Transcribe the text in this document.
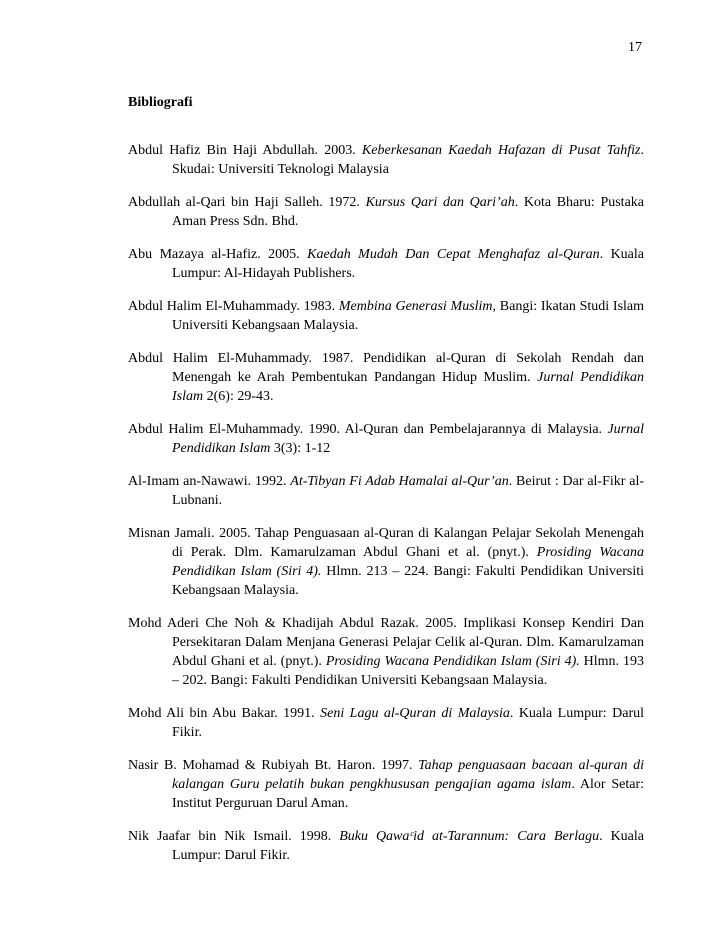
17
Bibliografi

Abdul Hafiz Bin Haji Abdullah. 2003. Keberkesanan Kaedah Hafazan di Pusat Tahfiz. Skudai: Universiti Teknologi Malaysia

Abdullah al-Qari bin Haji Salleh. 1972. Kursus Qari dan Qari’ah. Kota Bharu: Pustaka Aman Press Sdn. Bhd.

Abu Mazaya al-Hafiz. 2005. Kaedah Mudah Dan Cepat Menghafaz al-Quran. Kuala Lumpur: Al-Hidayah Publishers.

Abdul Halim El-Muhammady. 1983. Membina Generasi Muslim, Bangi: Ikatan Studi Islam Universiti Kebangsaan Malaysia.

Abdul Halim El-Muhammady. 1987. Pendidikan al-Quran di Sekolah Rendah dan Menengah ke Arah Pembentukan Pandangan Hidup Muslim. Jurnal Pendidikan Islam 2(6): 29-43.

Abdul Halim El-Muhammady. 1990. Al-Quran dan Pembelajarannya di Malaysia. Jurnal Pendidikan Islam 3(3): 1-12

Al-Imam an-Nawawi. 1992. At-Tibyan Fi Adab Hamalai al-Qur’an. Beirut : Dar al-Fikr al-Lubnani.

Misnan Jamali. 2005. Tahap Penguasaan al-Quran di Kalangan Pelajar Sekolah Menengah di Perak. Dlm. Kamarulzaman Abdul Ghani et al. (pnyt.). Prosiding Wacana Pendidikan Islam (Siri 4). Hlmn. 213 – 224. Bangi: Fakulti Pendidikan Universiti Kebangsaan Malaysia.

Mohd Aderi Che Noh & Khadijah Abdul Razak. 2005. Implikasi Konsep Kendiri Dan Persekitaran Dalam Menjana Generasi Pelajar Celik al-Quran. Dlm. Kamarulzaman Abdul Ghani et al. (pnyt.). Prosiding Wacana Pendidikan Islam (Siri 4). Hlmn. 193 – 202. Bangi: Fakulti Pendidikan Universiti Kebangsaan Malaysia.

Mohd Ali bin Abu Bakar. 1991. Seni Lagu al-Quran di Malaysia. Kuala Lumpur: Darul Fikir.

Nasir B. Mohamad & Rubiyah Bt. Haron. 1997. Tahap penguasaan bacaan al-quran di kalangan Guru pelatih bukan pengkhususan pengajian agama islam. Alor Setar: Institut Perguruan Darul Aman.

Nik Jaafar bin Nik Ismail. 1998. Buku Qawaᶜid at-Tarannum: Cara Berlagu. Kuala Lumpur: Darul Fikir.
